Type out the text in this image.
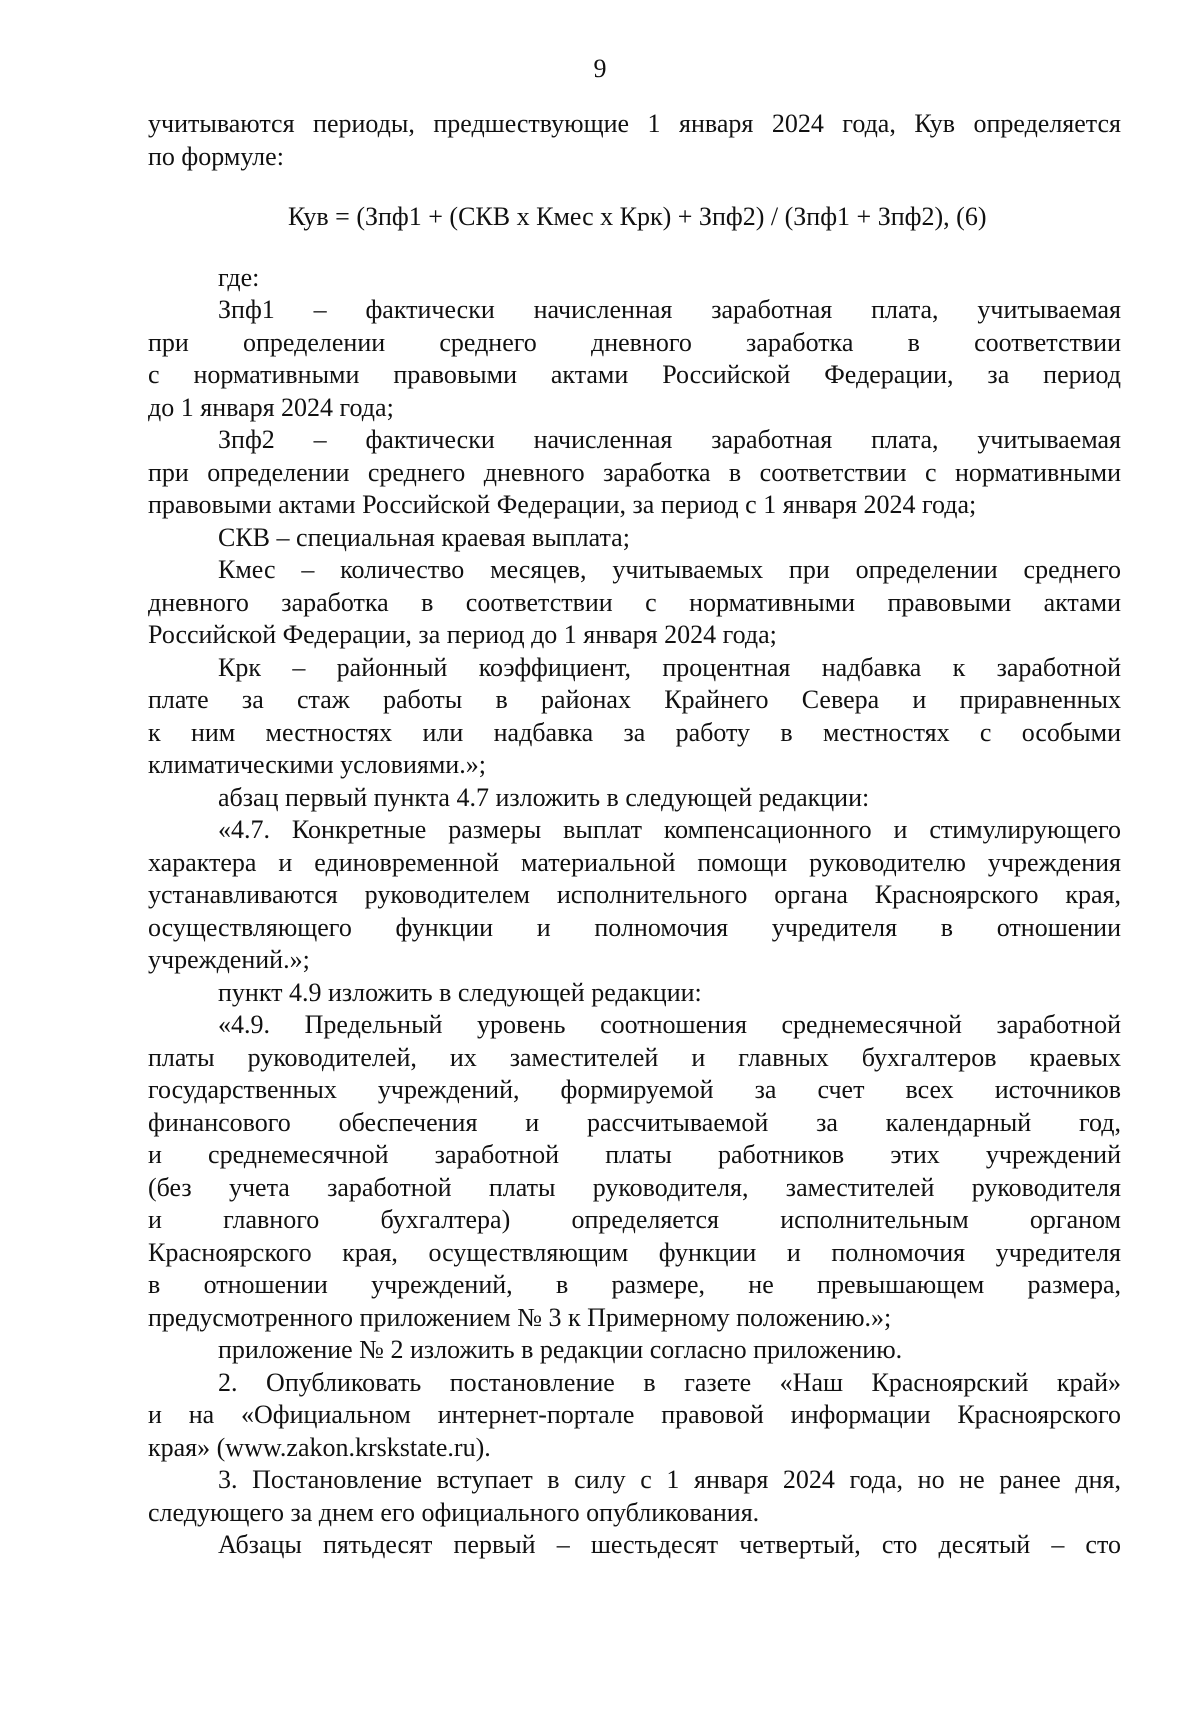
9
учитываются периоды, предшествующие 1 января 2024 года, Кув определяется
по формуле:
Кув = (Зпф1 + (СКВ х Кмес х Крк) + Зпф2) / (Зпф1 + Зпф2), (6)
где:
Зпф1 – фактически начисленная заработная плата, учитываемая
при определении среднего дневного заработка в соответствии
с нормативными правовыми актами Российской Федерации, за период
до 1 января 2024 года;
Зпф2 – фактически начисленная заработная плата, учитываемая
при определении среднего дневного заработка в соответствии с нормативными
правовыми актами Российской Федерации, за период с 1 января 2024 года;
СКВ – специальная краевая выплата;
Кмес – количество месяцев, учитываемых при определении среднего
дневного заработка в соответствии с нормативными правовыми актами
Российской Федерации, за период до 1 января 2024 года;
Крк – районный коэффициент, процентная надбавка к заработной
плате за стаж работы в районах Крайнего Севера и приравненных
к ним местностях или надбавка за работу в местностях с особыми
климатическими условиями.»;
абзац первый пункта 4.7 изложить в следующей редакции:
«4.7. Конкретные размеры выплат компенсационного и стимулирующего
характера и единовременной материальной помощи руководителю учреждения
устанавливаются руководителем исполнительного органа Красноярского края,
осуществляющего функции и полномочия учредителя в отношении
учреждений.»;
пункт 4.9 изложить в следующей редакции:
«4.9. Предельный уровень соотношения среднемесячной заработной
платы руководителей, их заместителей и главных бухгалтеров краевых
государственных учреждений, формируемой за счет всех источников
финансового обеспечения и рассчитываемой за календарный год,
и среднемесячной заработной платы работников этих учреждений
(без учета заработной платы руководителя, заместителей руководителя
и главного бухгалтера) определяется исполнительным органом
Красноярского края, осуществляющим функции и полномочия учредителя
в отношении учреждений, в размере, не превышающем размера,
предусмотренного приложением № 3 к Примерному положению.»;
приложение № 2 изложить в редакции согласно приложению.
2. Опубликовать постановление в газете «Наш Красноярский край»
и на «Официальном интернет-портале правовой информации Красноярского
края» (www.zakon.krskstate.ru).
3. Постановление вступает в силу с 1 января 2024 года, но не ранее дня,
следующего за днем его официального опубликования.
Абзацы пятьдесят первый – шестьдесят четвертый, сто десятый – сто
